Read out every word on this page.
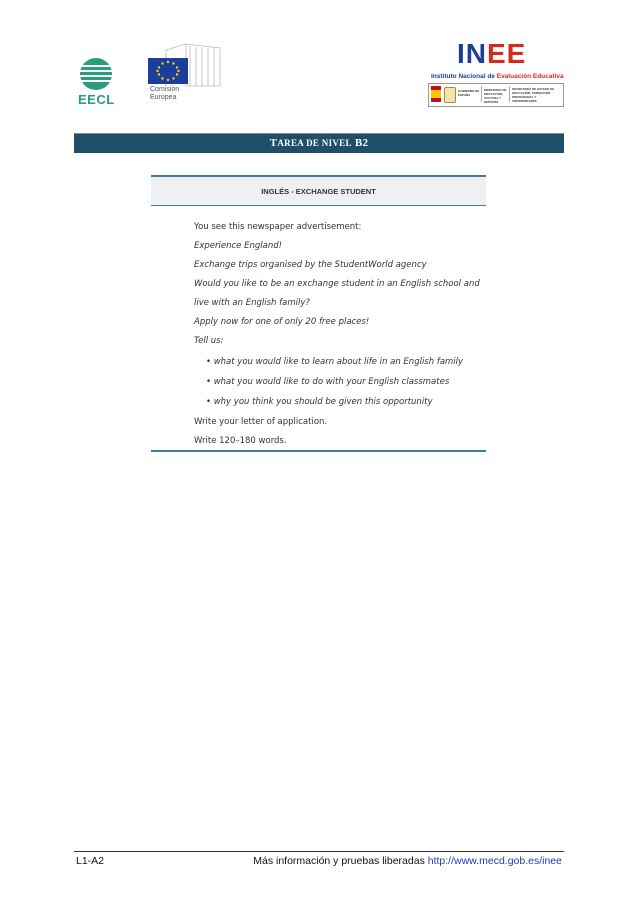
EECL
Comisión
Europea
INEE
Instituto Nacional de Evaluación Educativa
GOBIERNO DE ESPAÑA
MINISTERIO DE EDUCACIÓN, CULTURA Y DEPORTE
SECRETARÍA DE ESTADO DE EDUCACIÓN, FORMACIÓN PROFESIONAL Y UNIVERSIDADES
TAREA DE NIVEL B2
INGLÉS - EXCHANGE STUDENT
You see this newspaper advertisement:
Experience England!
Exchange trips organised by the StudentWorld agency
Would you like to be an exchange student in an English school and
live with an English family?
Apply now for one of only 20 free places!
Tell us:
• what you would like to learn about life in an English family
• what you would like to do with your English classmates
• why you think you should be given this opportunity
Write your letter of application.
Write 120–180 words.
L1-A2	Más información y pruebas liberadas http://www.mecd.gob.es/inee
